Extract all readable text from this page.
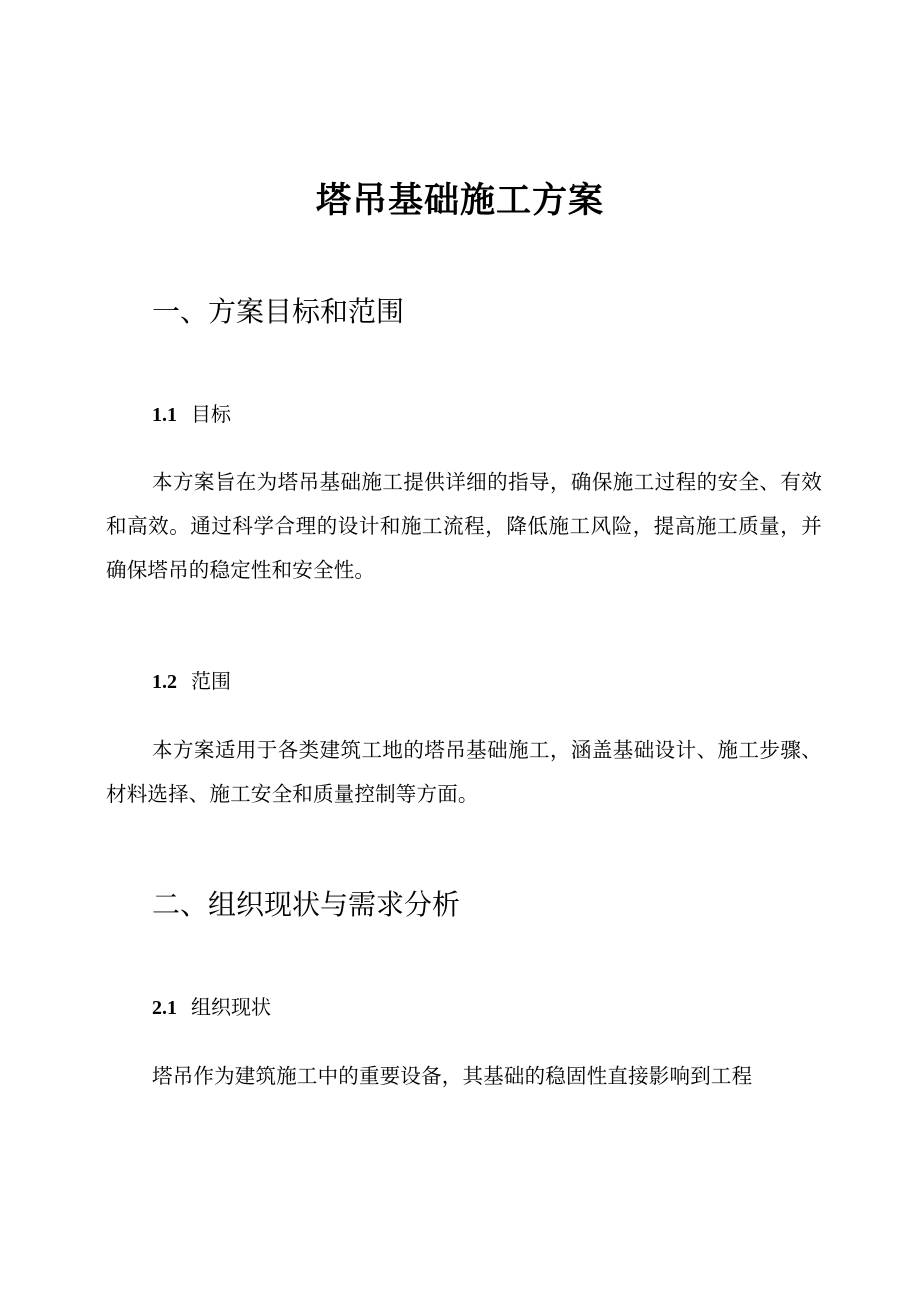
塔吊基础施工方案
一、方案目标和范围
1.1 目标

本方案旨在为塔吊基础施工提供详细的指导，确保施工过程的安全、有效和高效。通过科学合理的设计和施工流程，降低施工风险，提高施工质量，并确保塔吊的稳定性和安全性。

1.2 范围

本方案适用于各类建筑工地的塔吊基础施工，涵盖基础设计、施工步骤、材料选择、施工安全和质量控制等方面。

二、组织现状与需求分析
2.1 组织现状

塔吊作为建筑施工中的重要设备，其基础的稳固性直接影响到工程
